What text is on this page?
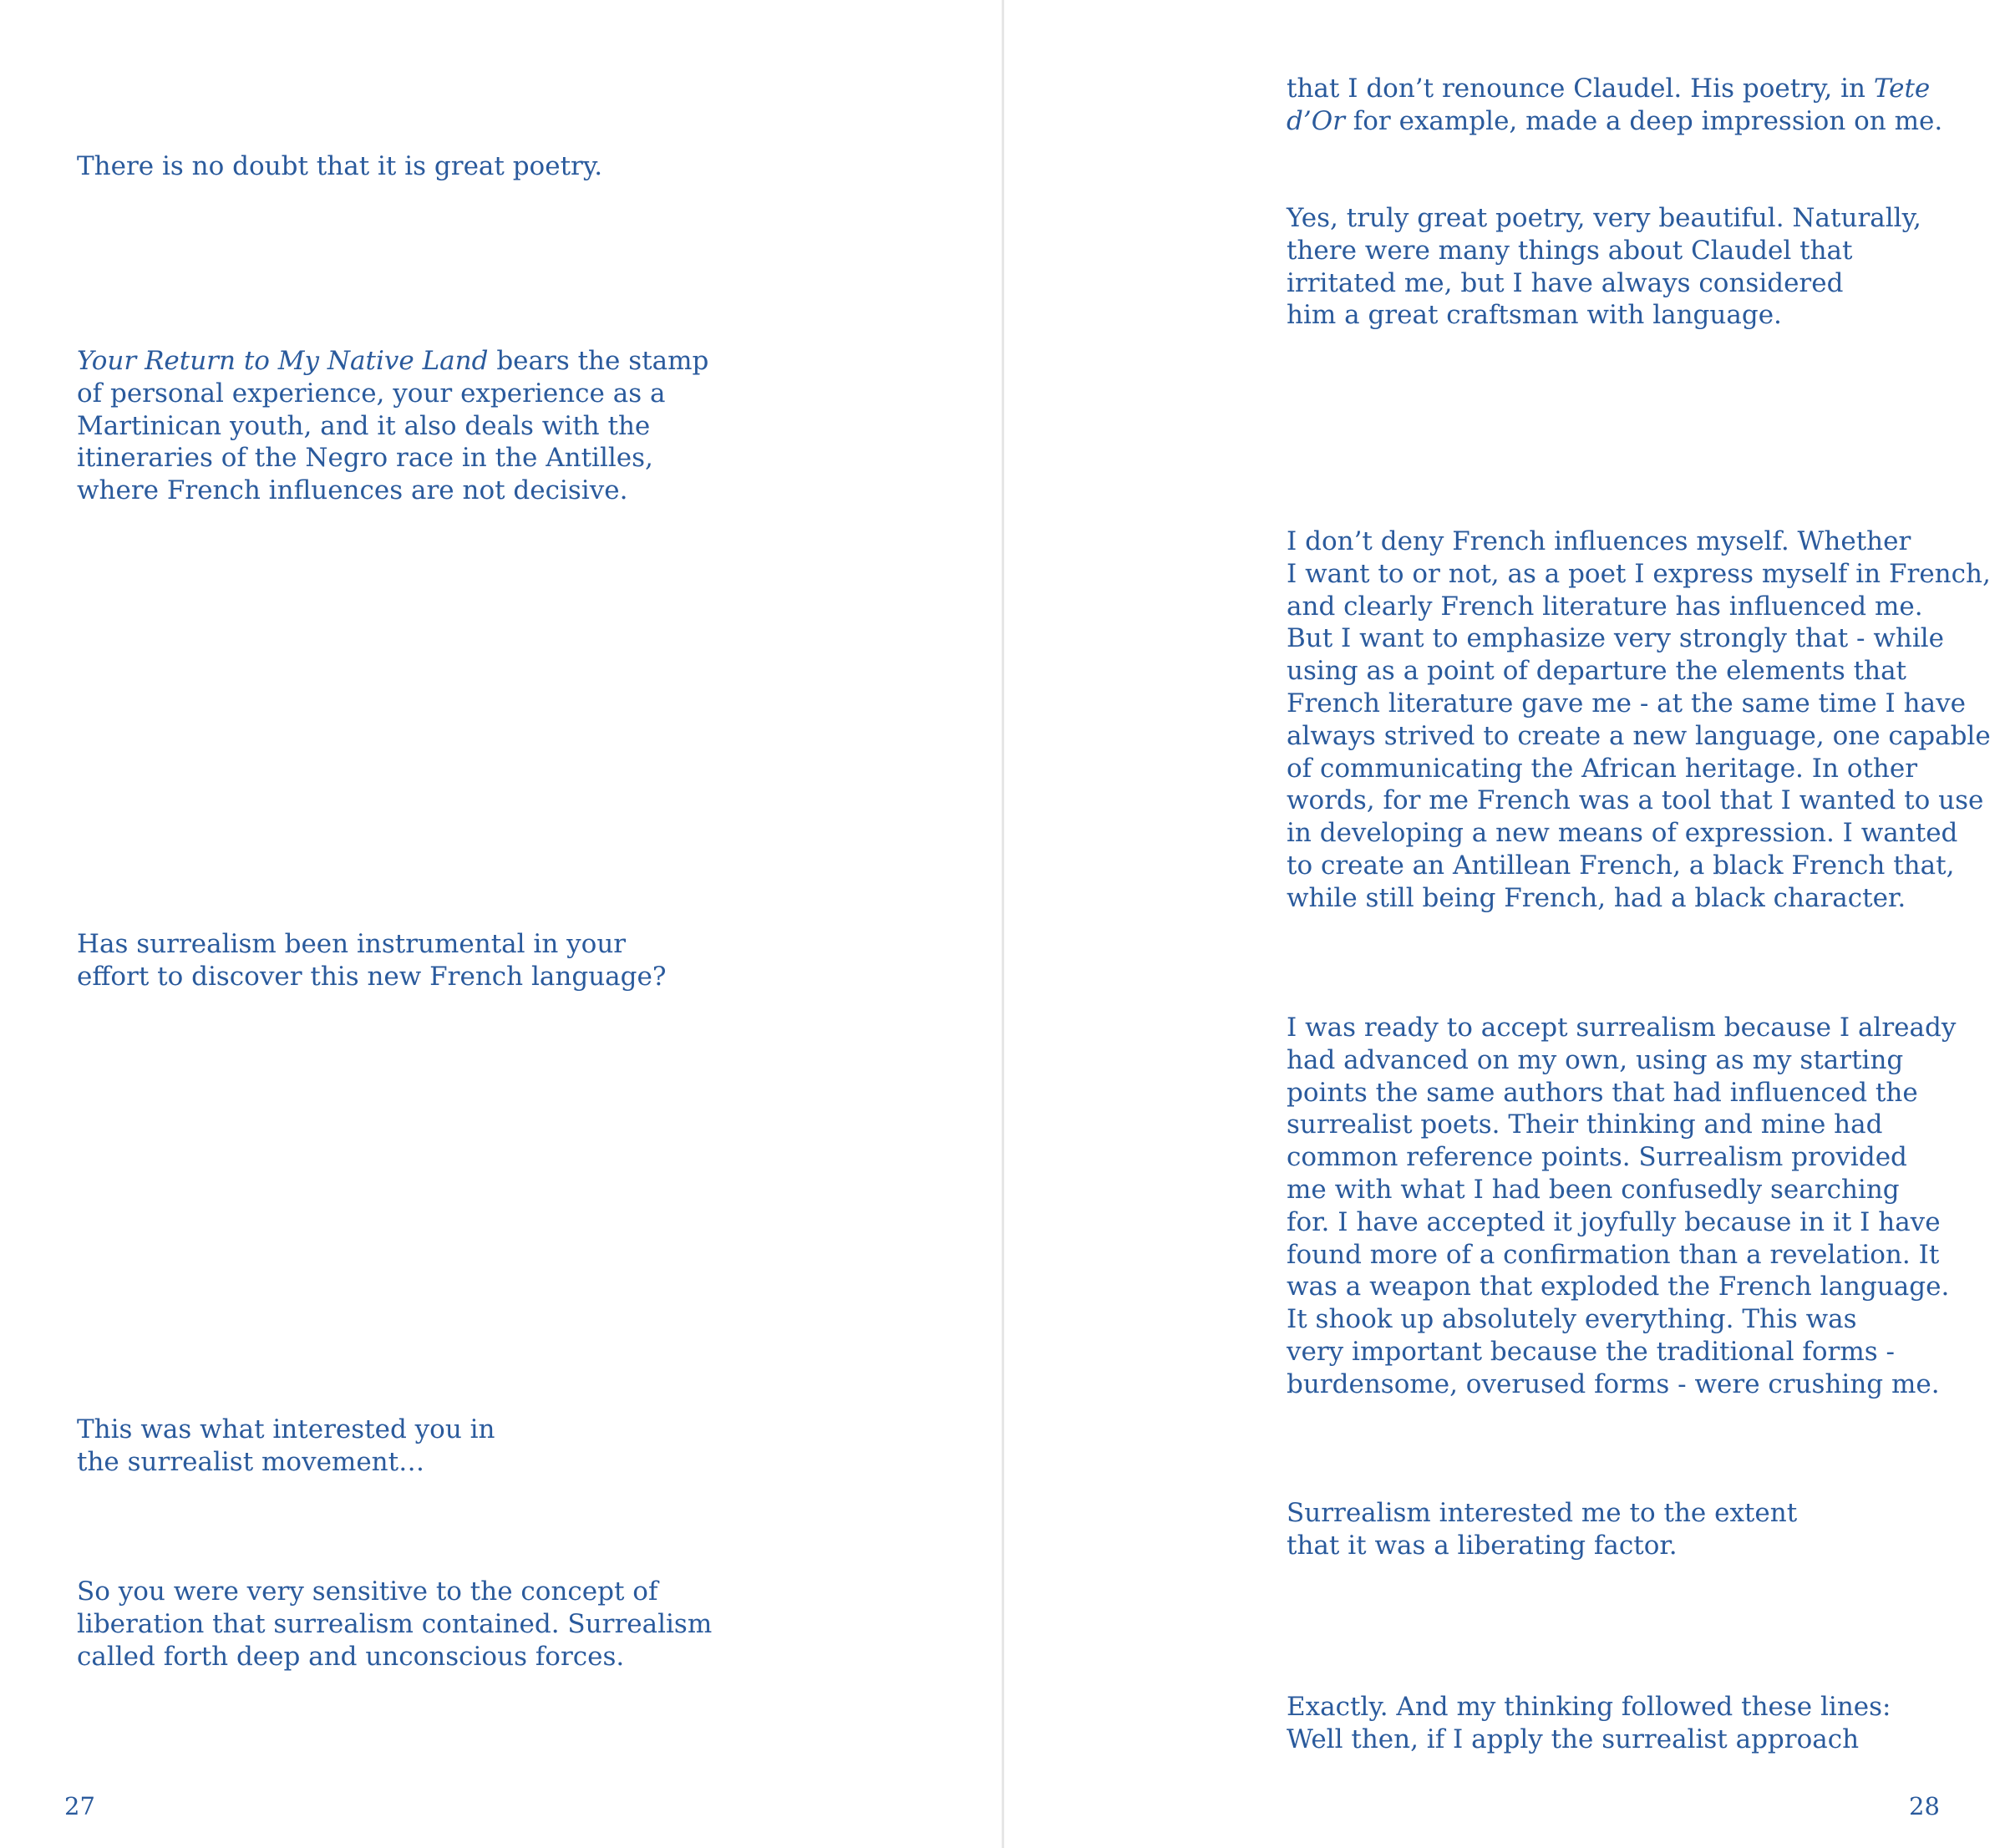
There is no doubt that it is great poetry.

Your Return to My Native Land bears the stamp
of personal experience, your experience as a
Martinican youth, and it also deals with the
itineraries of the Negro race in the Antilles,
where French influences are not decisive.

Has surrealism been instrumental in your
effort to discover this new French language?

This was what interested you in
the surrealist movement…

So you were very sensitive to the concept of
liberation that surrealism contained. Surrealism
called forth deep and unconscious forces.

27

that I don’t renounce Claudel. His poetry, in Tete
d’Or for example, made a deep impression on me.

Yes, truly great poetry, very beautiful. Naturally,
there were many things about Claudel that
irritated me, but I have always considered
him a great craftsman with language.

I don’t deny French influences myself. Whether
I want to or not, as a poet I express myself in French,
and clearly French literature has influenced me.
But I want to emphasize very strongly that - while
using as a point of departure the elements that
French literature gave me - at the same time I have
always strived to create a new language, one capable
of communicating the African heritage. In other
words, for me French was a tool that I wanted to use
in developing a new means of expression. I wanted
to create an Antillean French, a black French that,
while still being French, had a black character.

I was ready to accept surrealism because I already
had advanced on my own, using as my starting
points the same authors that had influenced the
surrealist poets. Their thinking and mine had
common reference points. Surrealism provided
me with what I had been confusedly searching
for. I have accepted it joyfully because in it I have
found more of a confirmation than a revelation. It
was a weapon that exploded the French language.
It shook up absolutely everything. This was
very important because the traditional forms -
burdensome, overused forms - were crushing me.

Surrealism interested me to the extent
that it was a liberating factor.

Exactly. And my thinking followed these lines:
Well then, if I apply the surrealist approach

28
